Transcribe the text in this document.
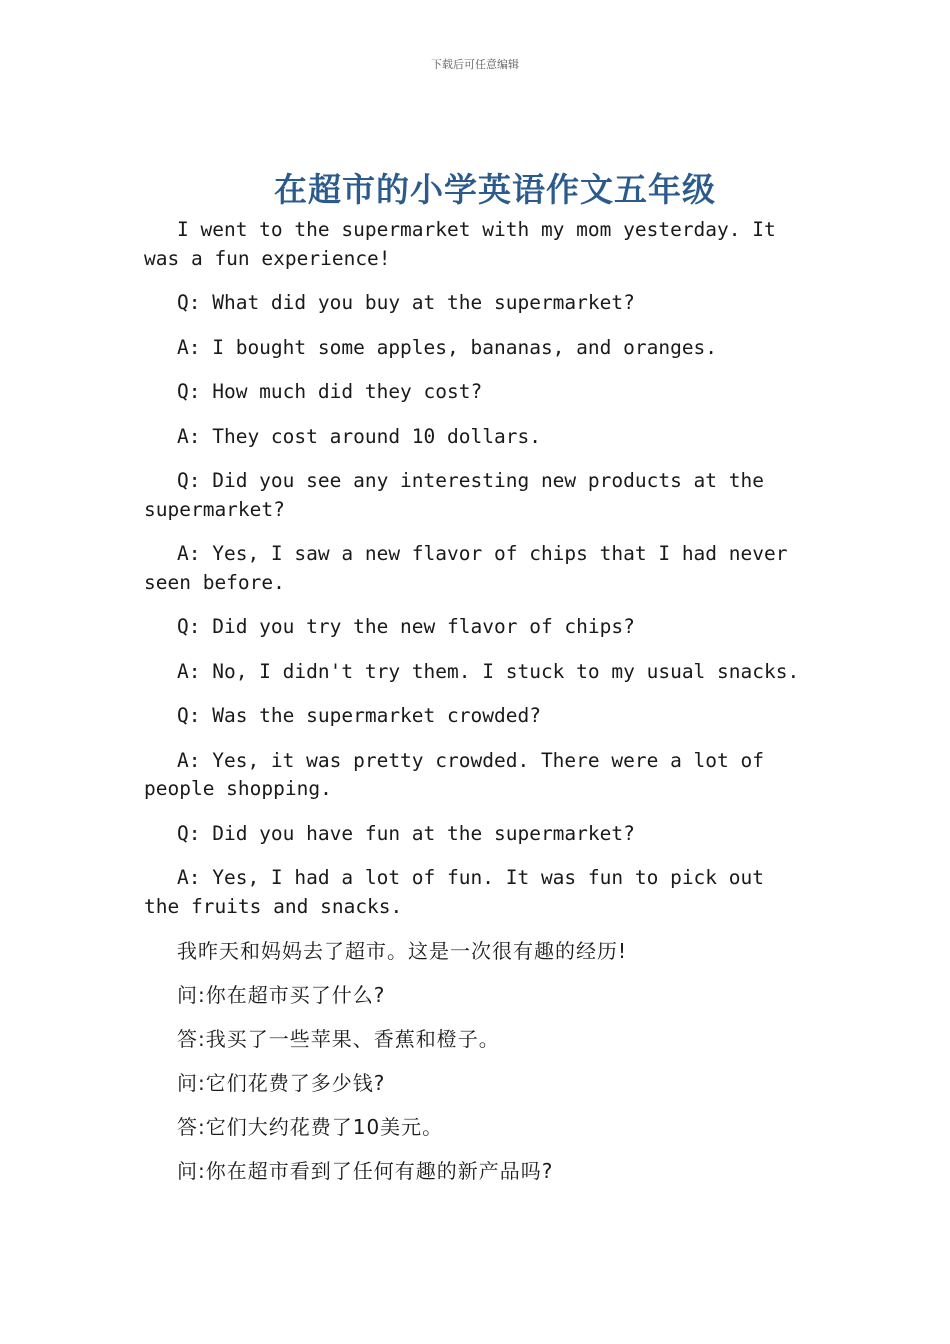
下载后可任意编辑
在超市的小学英语作文五年级

I went to the supermarket with my mom yesterday. It was a fun experience!

Q: What did you buy at the supermarket?

A: I bought some apples, bananas, and oranges.

Q: How much did they cost?

A: They cost around 10 dollars.

Q: Did you see any interesting new products at the supermarket?

A: Yes, I saw a new flavor of chips that I had never seen before.

Q: Did you try the new flavor of chips?

A: No, I didn't try them. I stuck to my usual snacks.

Q: Was the supermarket crowded?

A: Yes, it was pretty crowded. There were a lot of people shopping.

Q: Did you have fun at the supermarket?

A: Yes, I had a lot of fun. It was fun to pick out the fruits and snacks.

我昨天和妈妈去了超市。这是一次很有趣的经历!

问:你在超市买了什么?

答:我买了一些苹果、香蕉和橙子。

问:它们花费了多少钱?

答:它们大约花费了10美元。

问:你在超市看到了任何有趣的新产品吗?
